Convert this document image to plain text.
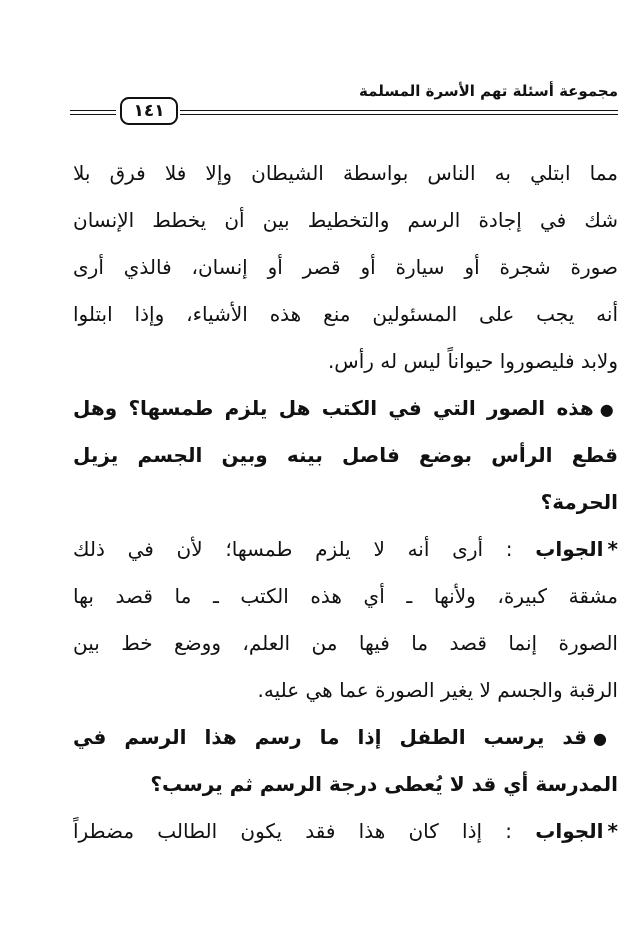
مجموعة أسئلة تهم الأسرة المسلمة
١٤١
مما ابتلي به الناس بواسطة الشيطان وإلا فلا فرق بلا
شك في إجادة الرسم والتخطيط بين أن يخطط الإنسان
صورة شجرة أو سيارة أو قصر أو إنسان، فالذي أرى
أنه يجب على المسئولين منع هذه الأشياء، وإذا ابتلوا
ولابد فليصوروا حيواناً ليس له رأس.
●هذه الصور التي في الكتب هل يلزم طمسها؟ وهل
قطع الرأس بوضع فاصل بينه وبين الجسم يزيل
الحرمة؟
*الجواب : أرى أنه لا يلزم طمسها؛ لأن في ذلك
مشقة كبيرة، ولأنها ـ أي هذه الكتب ـ ما قصد بها
الصورة إنما قصد ما فيها من العلم، ووضع خط بين
الرقبة والجسم لا يغير الصورة عما هي عليه.
●قد يرسب الطفل إذا ما رسم هذا الرسم في
المدرسة أي قد لا يُعطى درجة الرسم ثم يرسب؟
*الجواب : إذا كان هذا فقد يكون الطالب مضطراً
